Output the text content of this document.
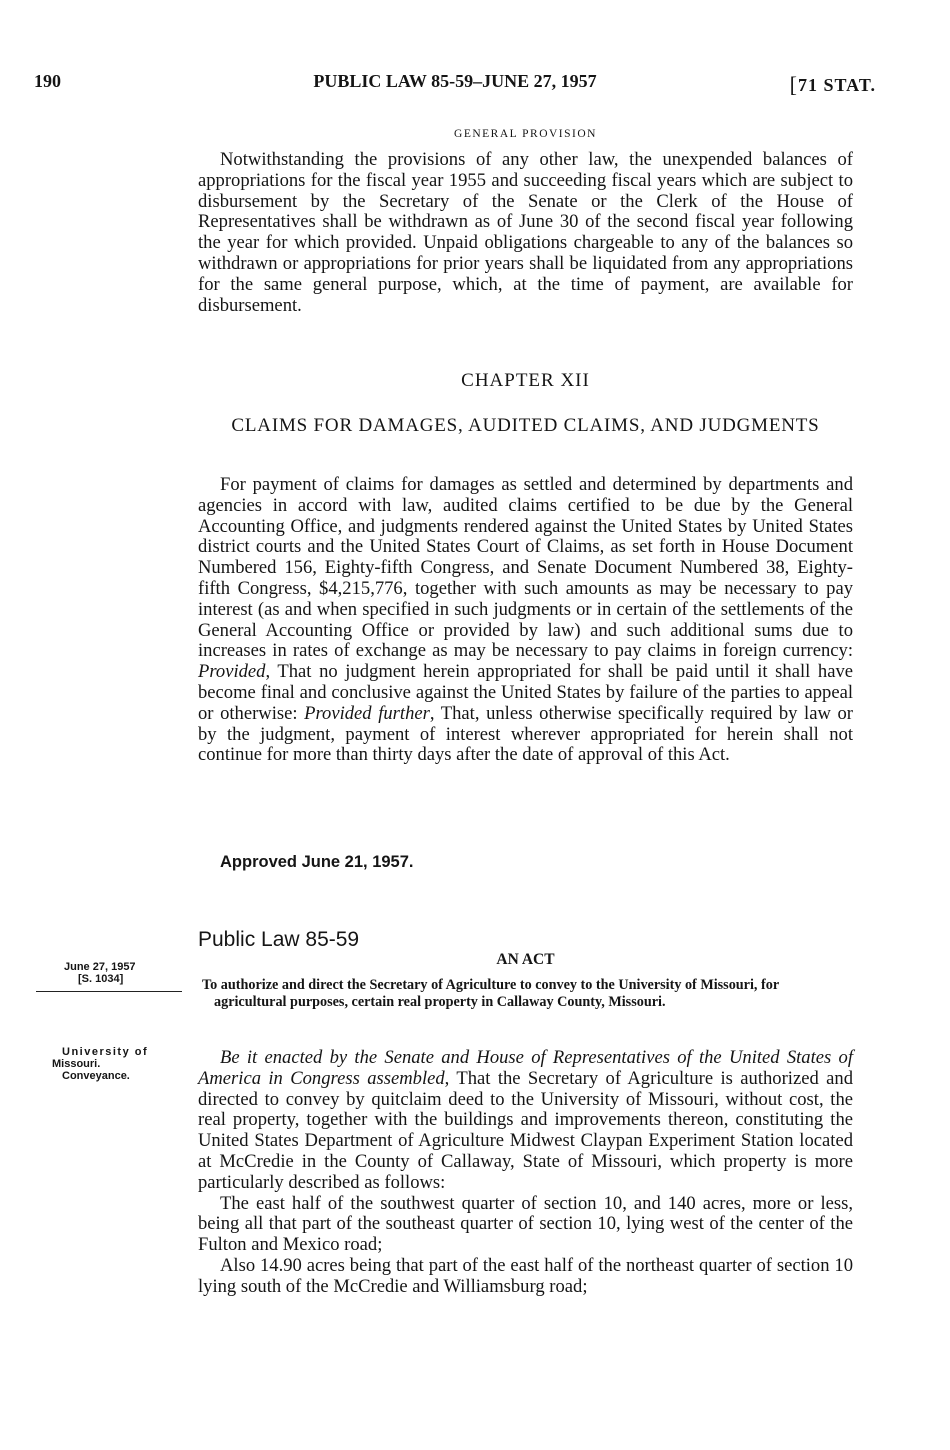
190	PUBLIC LAW 85-59–JUNE 27, 1957	[71 STAT.

GENERAL PROVISION

Notwithstanding the provisions of any other law, the unexpended balances of appropriations for the fiscal year 1955 and succeeding fiscal years which are subject to disbursement by the Secretary of the Senate or the Clerk of the House of Representatives shall be withdrawn as of June 30 of the second fiscal year following the year for which provided. Unpaid obligations chargeable to any of the balances so withdrawn or appropriations for prior years shall be liquidated from any appropriations for the same general purpose, which, at the time of payment, are available for disbursement.

CHAPTER XII

CLAIMS FOR DAMAGES, AUDITED CLAIMS, AND JUDGMENTS

For payment of claims for damages as settled and determined by departments and agencies in accord with law, audited claims certified to be due by the General Accounting Office, and judgments rendered against the United States by United States district courts and the United States Court of Claims, as set forth in House Document Numbered 156, Eighty-fifth Congress, and Senate Document Numbered 38, Eighty-fifth Congress, $4,215,776, together with such amounts as may be necessary to pay interest (as and when specified in such judgments or in certain of the settlements of the General Accounting Office or provided by law) and such additional sums due to increases in rates of exchange as may be necessary to pay claims in foreign currency: Provided, That no judgment herein appropriated for shall be paid until it shall have become final and conclusive against the United States by failure of the parties to appeal or otherwise: Provided further, That, unless otherwise specifically required by law or by the judgment, payment of interest wherever appropriated for herein shall not continue for more than thirty days after the date of approval of this Act.

Approved June 21, 1957.

Public Law 85-59

AN ACT

To authorize and direct the Secretary of Agriculture to convey to the University of Missouri, for agricultural purposes, certain real property in Callaway County, Missouri.

Be it enacted by the Senate and House of Representatives of the United States of America in Congress assembled, That the Secretary of Agriculture is authorized and directed to convey by quitclaim deed to the University of Missouri, without cost, the real property, together with the buildings and improvements thereon, constituting the United States Department of Agriculture Midwest Claypan Experiment Station located at McCredie in the County of Callaway, State of Missouri, which property is more particularly described as follows:

The east half of the southwest quarter of section 10, and 140 acres, more or less, being all that part of the southeast quarter of section 10, lying west of the center of the Fulton and Mexico road;

Also 14.90 acres being that part of the east half of the northeast quarter of section 10 lying south of the McCredie and Williamsburg road;

June 27, 1957
[S. 1034]
University of
Missouri.
Conveyance.
